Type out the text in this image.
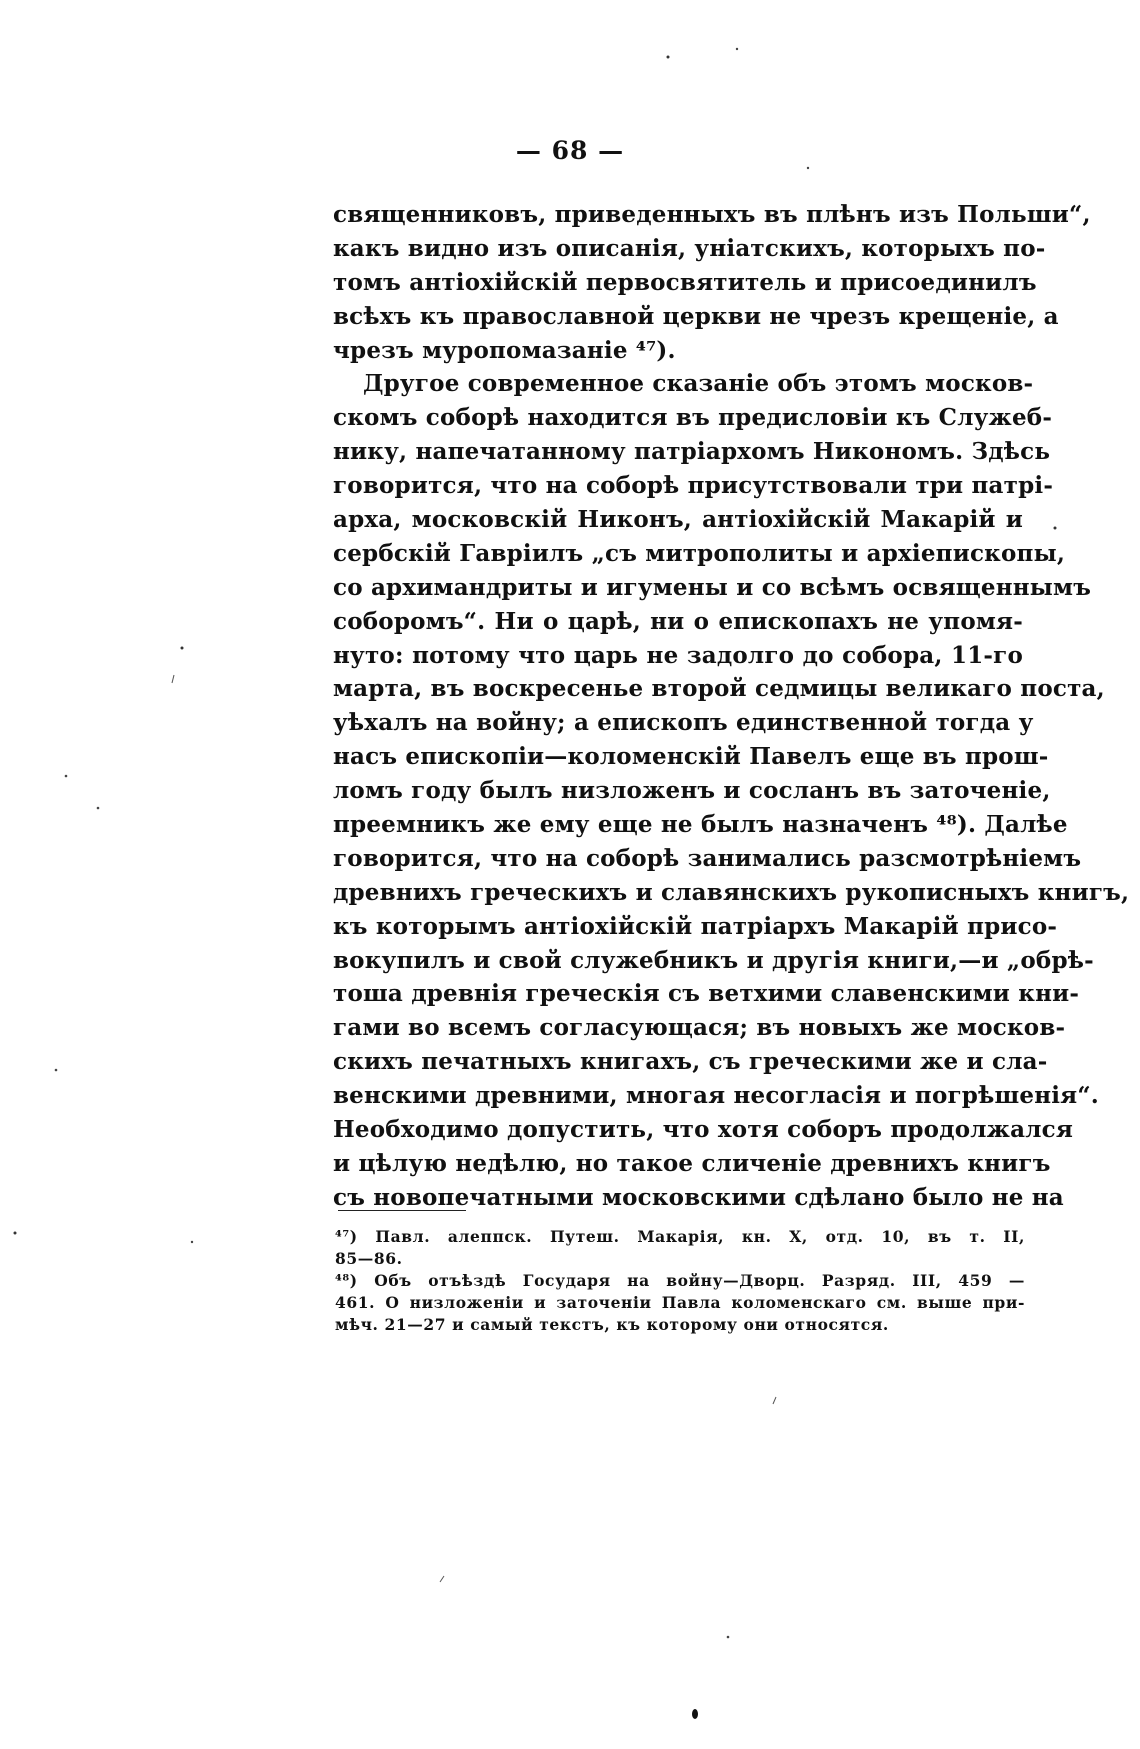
— 68 —
священниковъ, приведенныхъ въ плѣнъ изъ Польши“,
какъ видно изъ описанія, уніатскихъ, которыхъ по-
томъ антіохійскій первосвятитель и присоединилъ
всѣхъ къ православной церкви не чрезъ крещеніе, а
чрезъ муропомазаніе ⁴⁷).
Другое современное сказаніе объ этомъ москов-
скомъ соборѣ находится въ предисловіи къ Служеб-
нику, напечатанному патріархомъ Никономъ. Здѣсь
говорится, что на соборѣ присутствовали три патрі-
арха, московскій Никонъ, антіохійскій Макарій и
сербскій Гавріилъ „съ митрополиты и архіепископы,
со архимандриты и игумены и со всѣмъ освященнымъ
соборомъ“. Ни о царѣ, ни о епископахъ не упомя-
нуто: потому что царь не задолго до собора, 11-го
марта, въ воскресенье второй седмицы великаго поста,
уѣхалъ на войну; а епископъ единственной тогда у
насъ епископіи—коломенскій Павелъ еще въ прош-
ломъ году былъ низложенъ и сосланъ въ заточеніе,
преемникъ же ему еще не былъ назначенъ ⁴⁸). Далѣе
говорится, что на соборѣ занимались разсмотрѣніемъ
древнихъ греческихъ и славянскихъ рукописныхъ книгъ,
къ которымъ антіохійскій патріархъ Макарій присо-
вокупилъ и свой служебникъ и другія книги,—и „обрѣ-
тоша древнія греческія съ ветхими славенскими кни-
гами во всемъ согласующася; въ новыхъ же москов-
скихъ печатныхъ книгахъ, съ греческими же и сла-
венскими древними, многая несогласія и погрѣшенія“.
Необходимо допустить, что хотя соборъ продолжался
и цѣлую недѣлю, но такое сличеніе древнихъ книгъ
съ новопечатными московскими сдѣлано было не на
⁴⁷) Павл. алеппск. Путеш. Макарія, кн. X, отд. 10, въ т. II,
85—86.
⁴⁸) Объ отъѣздѣ Государя на войну—Дворц. Разряд. III, 459 —
461. О низложеніи и заточеніи Павла коломенскаго см. выше при-
мѣч. 21—27 и самый текстъ, къ которому они относятся.
